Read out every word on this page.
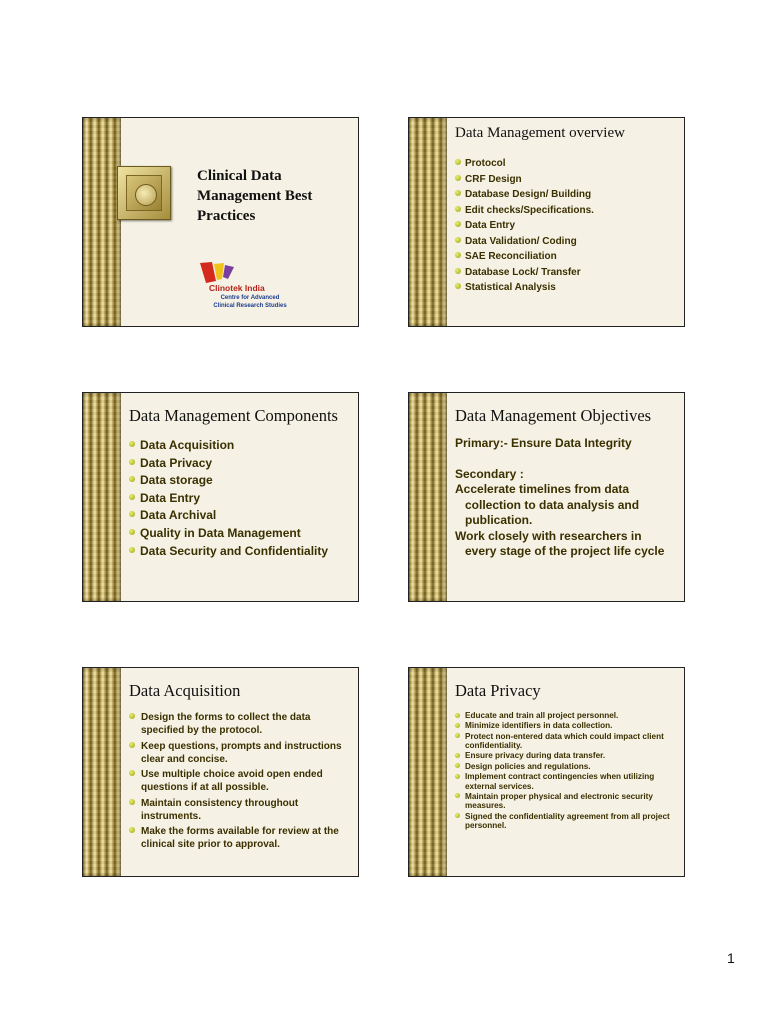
Clinical Data
Management Best
Practices
Clinotek India
Centre for Advanced
Clinical Research Studies
Data Management overview
Protocol
CRF Design
Database Design/ Building
Edit checks/Specifications.
Data Entry
Data Validation/ Coding
SAE Reconciliation
Database Lock/ Transfer
Statistical Analysis
Data Management Components
Data Acquisition
Data Privacy
Data storage
Data Entry
Data Archival
Quality in Data Management
Data Security and Confidentiality
Data Management Objectives

Primary:- Ensure Data Integrity

Secondary :

Accelerate timelines from data

collection to data analysis and

publication.

Work closely with researchers in

every stage of the project life cycle

Data Acquisition
Design the forms to collect the data specified by the protocol.
Keep questions, prompts and instructions clear and concise.
Use multiple choice avoid open ended questions if at all possible.
Maintain consistency throughout instruments.
Make the forms available for review at the clinical site prior to approval.
Data Privacy
Educate and train all project personnel.
Minimize identifiers in data collection.
Protect non-entered data which could impact client confidentiality.
Ensure privacy during data transfer.
Design policies and regulations.
Implement contract contingencies when utilizing external services.
Maintain proper physical and electronic security measures.
Signed the confidentiality agreement from all project personnel.
1
